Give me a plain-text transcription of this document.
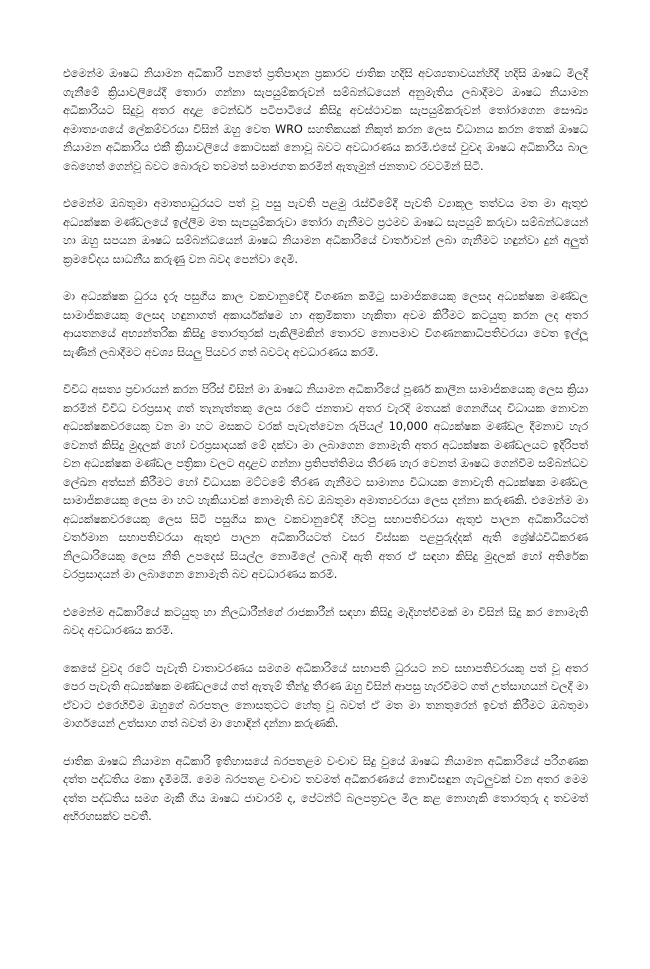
එමෙන්ම ඖෂධ නියාමන අධිකාරි පනතේ ප්‍රතිපාදන ප්‍රකාරව ජාතික හදිසි අවශ්‍යතාවයන්හිදී හදිසි ඖෂධ මිලදී ගැනීමේ ක්‍රියාවලියේදී තොරා ගන්නා සැපයුම්කරුවන් සම්බන්ධයෙන් අනුමැතිය ලබාදීමට ඖෂධ නියාමන අධිකාරියට සිදුවූ අතර අදාළ ටෙන්ඩර් පටිපාටියේ කිසිදු අවස්ථාවක සැපයුම්කරුවන් තෝරාගෙන සෞඛ්‍ය අමාත්‍යංශයේ ලේකම්වරයා විසින් ඔහු වෙත WRO සහතිකයක් නිකුත් කරන ලෙස විධානය කරන තෙක් ඖෂධ නියාමන අධිකාරිය එකී ක්‍රියාවලියේ කොටසක් නොවූ බවට අවධාරණය කරමි.එසේ වුවද ඖෂධ අධිකාරිය බාල බෙහෙත් ගෙන්වූ බවට බොරුව තවමත් සමාජගත කරමින් ඇතැමුන් ජනතාව රවටමින් සිටී.

එමෙන්ම ඔබතුමා අමාත්‍යාධුරයට පත් වූ පසු පැවති පළමු රැස්වීමේදී පැවති ව්‍යාකූල තත්වය මත මා ඇතුළු අධ්‍යක්ෂක මණ්ඩලයේ ඉල්ලීම මත සැපයුම්කරුවා තෝරා ගැනීමට ප්‍රථමව ඖෂධ සැපයුම් කරුවා සම්බන්ධයෙන් හා ඔහු සපයන ඖෂධ සම්බන්ධයෙන් ඖෂධ නියාමන අධිකාරියේ වාර්තාවන් ලබා ගැනීමට හඳුන්වා දුන් අලුත් ක්‍රමවේදය සාධනීය කරුණු වන බවද පෙන්වා දෙමි.

මා අධ්‍යක්ෂක ධුරය දැරූ පසුගිය කාල වකවානුවේදී විගණන කමිටු සාමාජිකයෙකු ලෙසද අධ්‍යක්ෂක මණ්ඩල සාමාජිකයෙකු ලෙසද හඳුනාගත් අකාර්යක්ෂම හා අක්‍රමිකතා හැකිතා අවම කිරීමට කටයුතු කරන ලද අතර ආයතනයේ අභ්‍යන්තරික කිසිදු තොරතුරක් පැකිලීමකින් තොරව නොපමාව විගණනකාධිපතිවරයා වෙත ඉල්ලූ සැණින් ලබාදීමට අවශ්‍ය සියලු පියවර ගත් බවටද අවධාරණය කරමි.

විවිධ අසත්‍ය ප්‍රචාරයන් කරන පිරිස් විසින් මා ඖෂධ නියාමන අධිකාරියේ පූර්ණ කාලීන සාමාජිකයෙකු ලෙස ක්‍රියා කරමින් විවිධ වරප්‍රසාද ගත් තැනැත්තකු ලෙස රටේ ජනතාව අතර වැරදි මතයක් ගෙනගියද විධායක නොවන අධ්‍යක්ෂකවරයෙකු වන මා හට මසකට වරක් පැවැත්වෙන රුපියල් 10,000 අධ්‍යක්ෂක මණ්ඩල දීමනාව හැර වෙනත් කිසිදු මුදලක් හෝ වරප්‍රසාදයක් මේ දක්වා මා ලබාගෙන නොමැති අතර අධ්‍යක්ෂක මණ්ඩලයට ඉදිරිපත් වන අධ්‍යක්ෂක මණ්ඩල පත්‍රිකා වලට අදාළව ගන්නා ප්‍රතිපත්තිමය තීරණ හැර වෙනත් ඖෂධ ගෙන්වීම සම්බන්ධව ලේඛන අත්සන් කිරීමට හෝ විධායක මට්ටමේ තීරණ ගැනීමට සාමාන්‍ය විධායක නොවැති අධ්‍යක්ෂක මණ්ඩල සාමාජිකයෙකු ලෙස මා හට හැකියාවක් නොමැති බව ඔබතුමා අමාත්‍යවරයා ලෙස දන්නා කරුණකි. එමෙන්ම මා අධ්‍යක්ෂකවරයෙකු ලෙස සිටි පසුගිය කාල වකවානුවේදී හිටපු සභාපතිවරයා ඇතුළු පාලන අධිකාරියටත් වර්තමාන සභාපතිවරයා ඇතුළු පාලන අධිකාරියටත් වසර විස්සක පළපුරුද්දක් ඇති ශ්‍රේෂ්ඨවිධිකරණ නිලධාරියෙකු ලෙස නීති උපදෙස් සියල්ල නොමිලේ ලබාදී ඇති අතර ඒ සඳහා කිසිදු මුදලක් හෝ අතිරේක වරප්‍රසාදයන් මා ලබාගෙන නොමැති බව අවධාරණය කරමි.

එමෙන්ම අධිකාරියේ කටයුතු හා නිලධාරීන්ගේ රාජකාරීන් සඳහා කිසිදු මැදිහත්වීමක් මා විසින් සිදු කර නොමැති බවද අවධාරණය කරමි.

කෙසේ වුවද රටේ පැවැති වාතාවරණය සමගම අධිකාරියේ සභාපති ධුරයට නව සභාපතිවරයකු පත් වූ අතර පෙර පැවැති අධ්‍යක්ෂක මණ්ඩලයේ ගත් ඇතැම් තීන්දු තීරණ ඔහු විසින් ආපසු හැරවීමට ගත් උත්සාහයන් වලදී මා ඒවාට එරෙහිවීම ඔහුගේ බරපතල නොසතුටට හේතු වූ බවත් ඒ මත මා තනතුරෙන් ඉවත් කිරීමට ඔබතුමා මාර්ගයෙන් උත්සාහ ගත් බවත් මා හොඳින් දන්නා කරුණකි.

ජාතික ඖෂධ නියාමන අධිකාරි ඉතිහාසයේ බරපතළම වංචාව සිදු වුයේ ඖෂධ නියාමන අධිකාරියේ පරිගණක දත්ත පද්ධතිය මකා දැමීමයි. මෙම බරපතළ වංචාව තවමත් අධිකරණයේ නොවිසඳුන ගැටලුවක් වන අතර මෙම දත්ත පද්ධතිය සමග මැකී ගිය ඖෂධ ජාවාරම් ද, පේටන්ට් බලපත්‍රවල මිල කළ නොහැකි තොරතුරු ද තවමත් අභිරහසක්ව පවතී.
